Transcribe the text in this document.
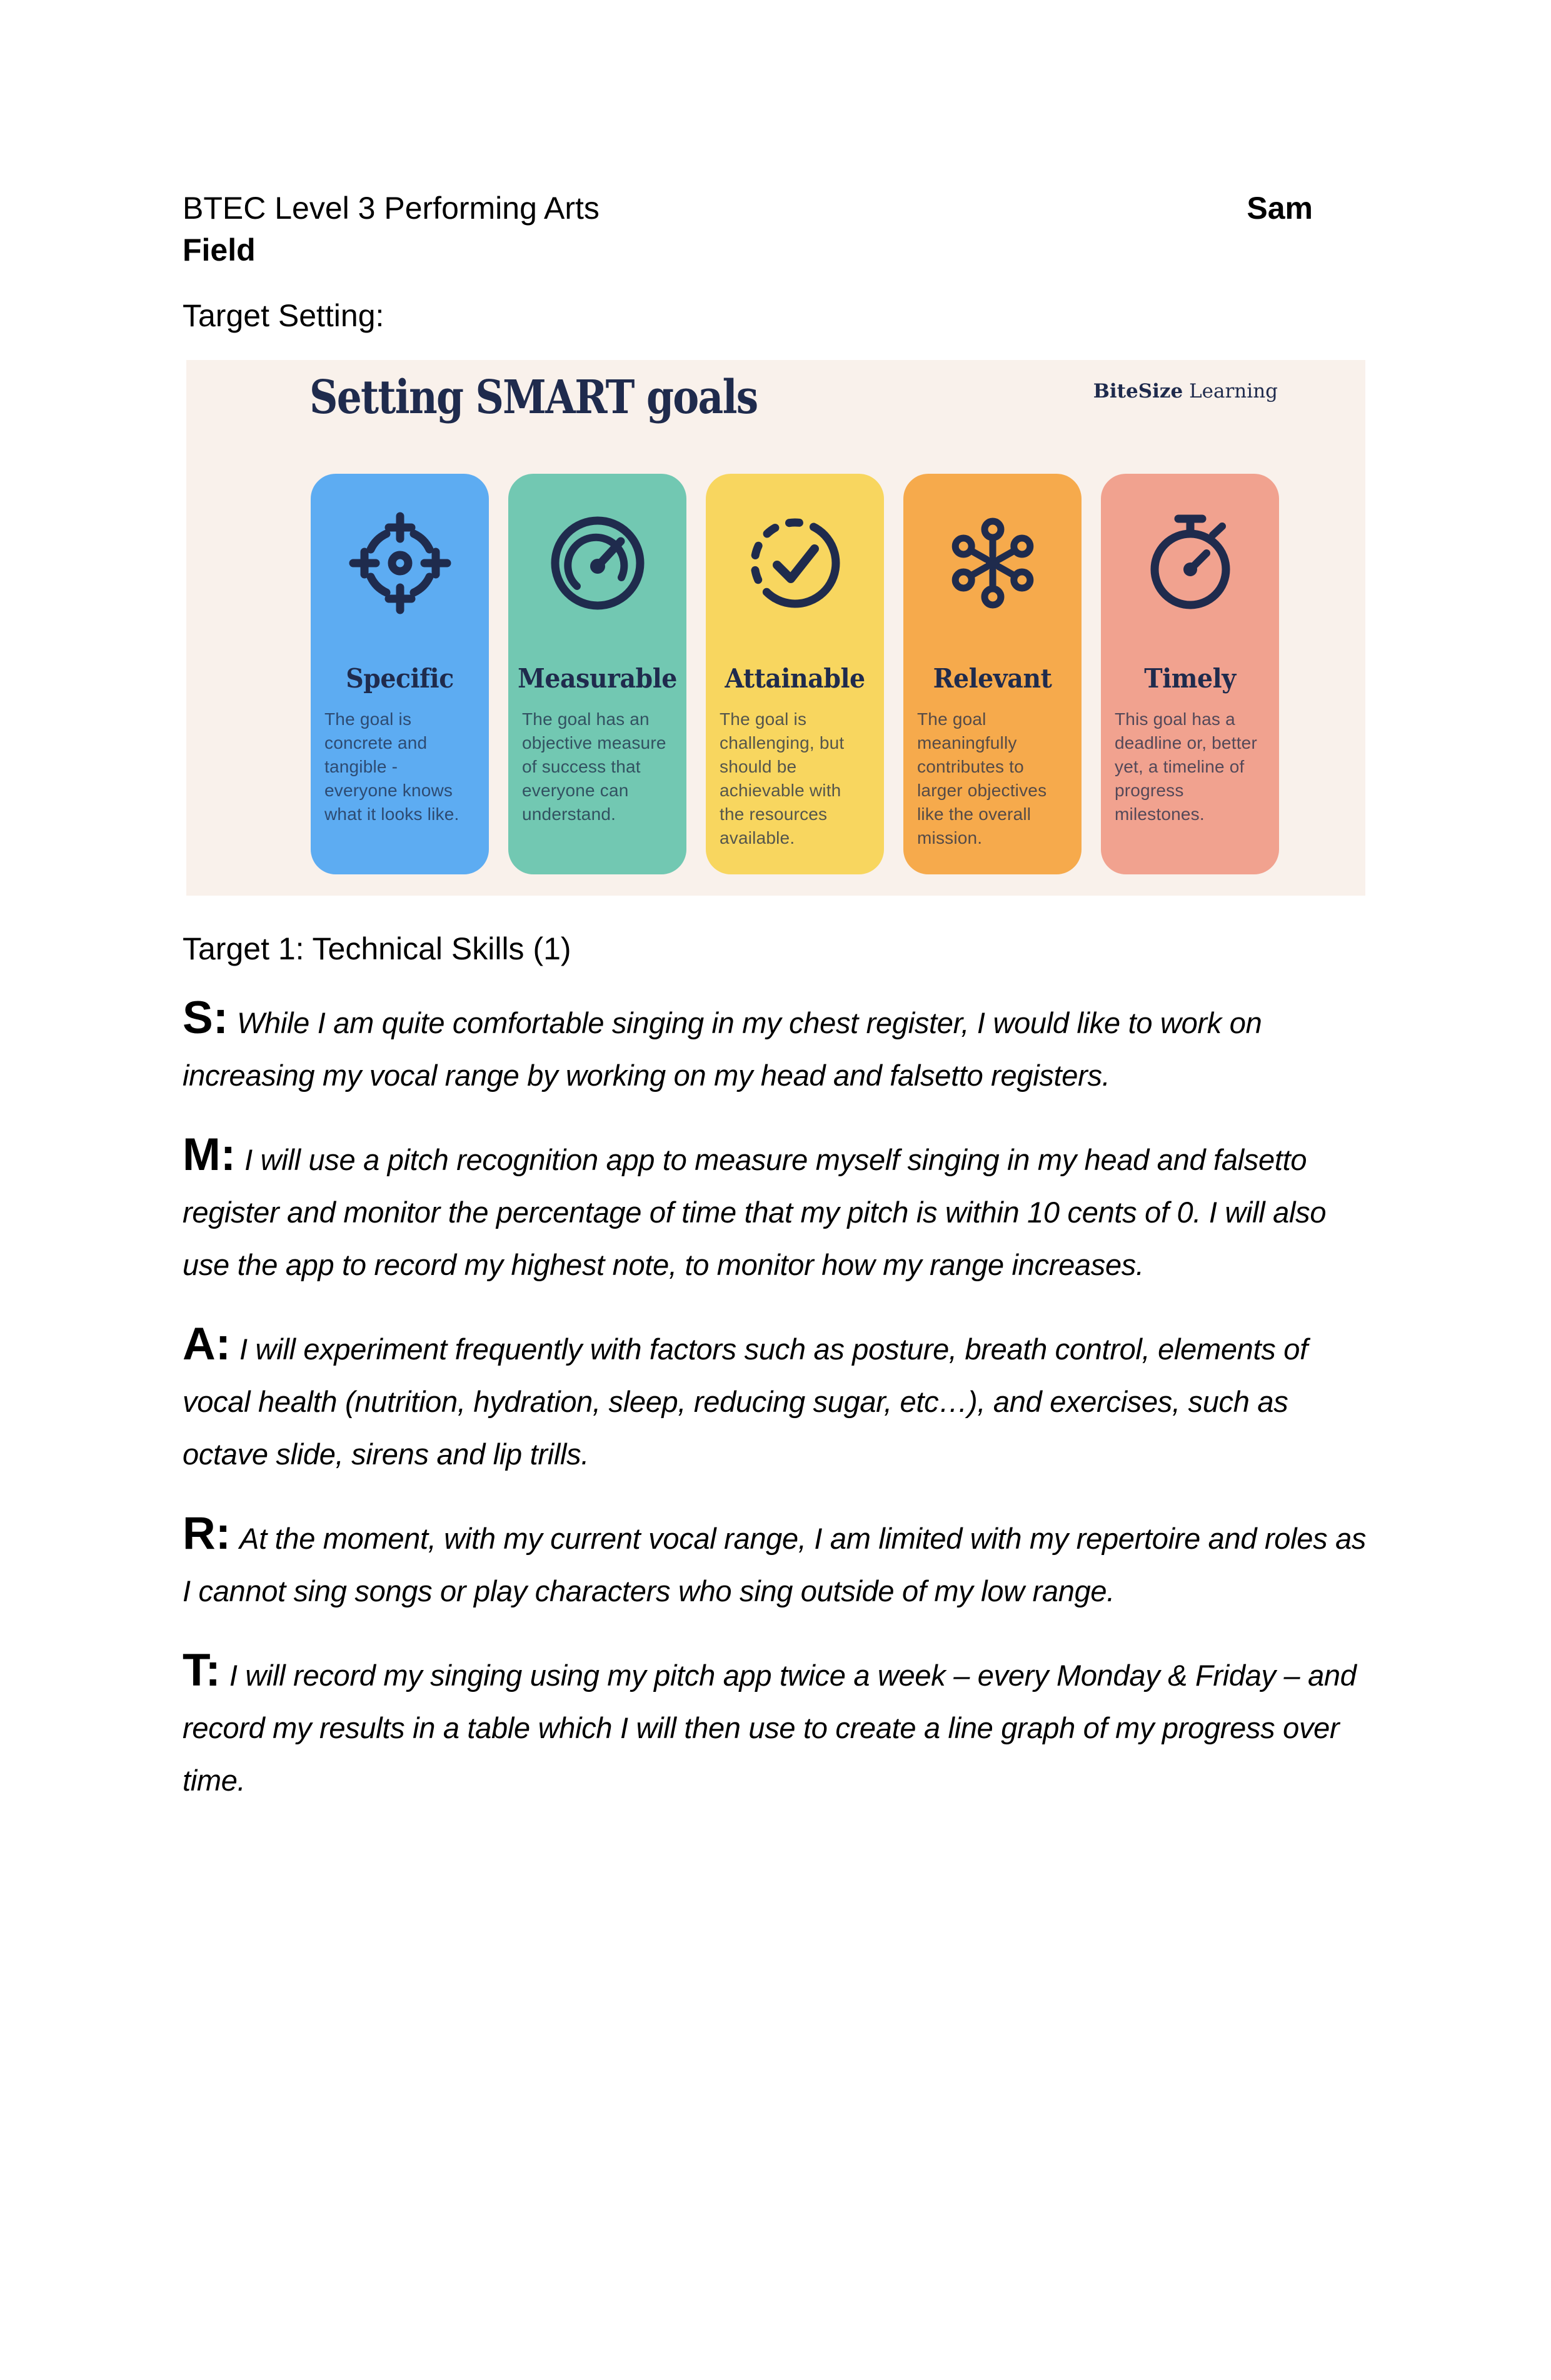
BTEC Level 3 Performing Arts	Sam
Field

Target Setting:

Setting SMART goals	BiteSize Learning
Specific

The goal is concrete and tangible - everyone knows what it looks like.

Measurable

The goal has an objective measure of success that everyone can understand.

Attainable

The goal is challenging, but should be achievable with the resources available.

Relevant

The goal meaningfully contributes to larger objectives like the overall mission.

Timely

This goal has a deadline or, better yet, a timeline of progress milestones.

Target 1: Technical Skills (1)

S: While I am quite comfortable singing in my chest register, I would like to work on increasing my vocal range by working on my head and falsetto registers.

M: I will use a pitch recognition app to measure myself singing in my head and falsetto register and monitor the percentage of time that my pitch is within 10 cents of 0. I will also use the app to record my highest note, to monitor how my range increases.

A: I will experiment frequently with factors such as posture, breath control, elements of vocal health (nutrition, hydration, sleep, reducing sugar, etc…), and exercises, such as octave slide, sirens and lip trills.

R: At the moment, with my current vocal range, I am limited with my repertoire and roles as I cannot sing songs or play characters who sing outside of my low range.

T: I will record my singing using my pitch app twice a week – every Monday & Friday – and record my results in a table which I will then use to create a line graph of my progress over time.
